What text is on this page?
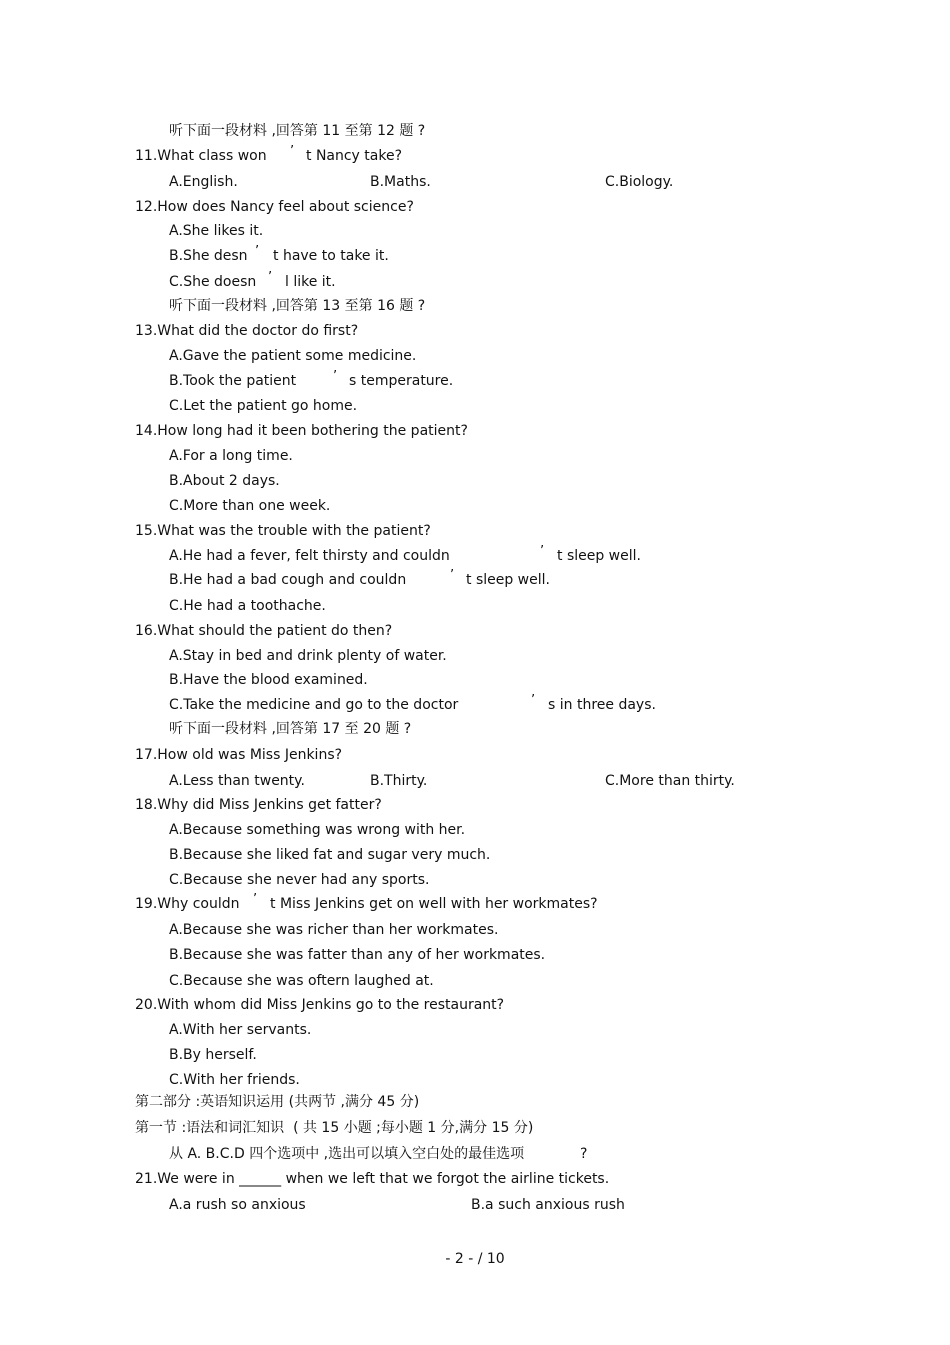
听下面一段材料 ,回答第 11 至第 12 题 ?
11.What class won ’ t Nancy take?
A.English.	B.Maths.	C.Biology.
12.How does Nancy feel about science?
A.She likes it.
B.She desn ’ t have to take it.
C.She doesn ’ l like it.
听下面一段材料 ,回答第 13 至第 16 题 ?
13.What did the doctor do first?
A.Gave the patient some medicine.
B.Took the patient	’ s temperature.
C.Let the patient go home.
14.How long had it been bothering the patient?
A.For a long time.
B.About 2 days.
C.More than one week.
15.What was the trouble with the patient?
A.He had a fever, felt thirsty and couldn	’ t sleep well.
B.He had a bad cough and couldn	’ t sleep well.
C.He had a toothache.
16.What should the patient do then?
A.Stay in bed and drink plenty of water.
B.Have the blood examined.
C.Take the medicine and go to the doctor	’ s in three days.
听下面一段材料 ,回答第 17 至 20 题 ?
17.How old was Miss Jenkins?
A.Less than twenty.	B.Thirty.	C.More than thirty.
18.Why did Miss Jenkins get fatter?
A.Because something was wrong with her.
B.Because she liked fat and sugar very much.
C.Because she never had any sports.
19.Why couldn ’ t Miss Jenkins get on well with her workmates?
A.Because she was richer than her workmates.
B.Because she was fatter than any of her workmates.
C.Because she was oftern laughed at.
20.With whom did Miss Jenkins go to the restaurant?
A.With her servants.
B.By herself.
C.With her friends.
第二部分 :英语知识运用 (共两节 ,满分 45 分)
第一节 :语法和词汇知识  ( 共 15 小题 ;每小题 1 分,满分 15 分)
从 A. B.C.D 四个选项中 ,选出可以填入空白处的最佳选项	?
21.We were in ______ when we left that we forgot the airline tickets.
A.a rush so anxious	B.a such anxious rush
- 2 - / 10
